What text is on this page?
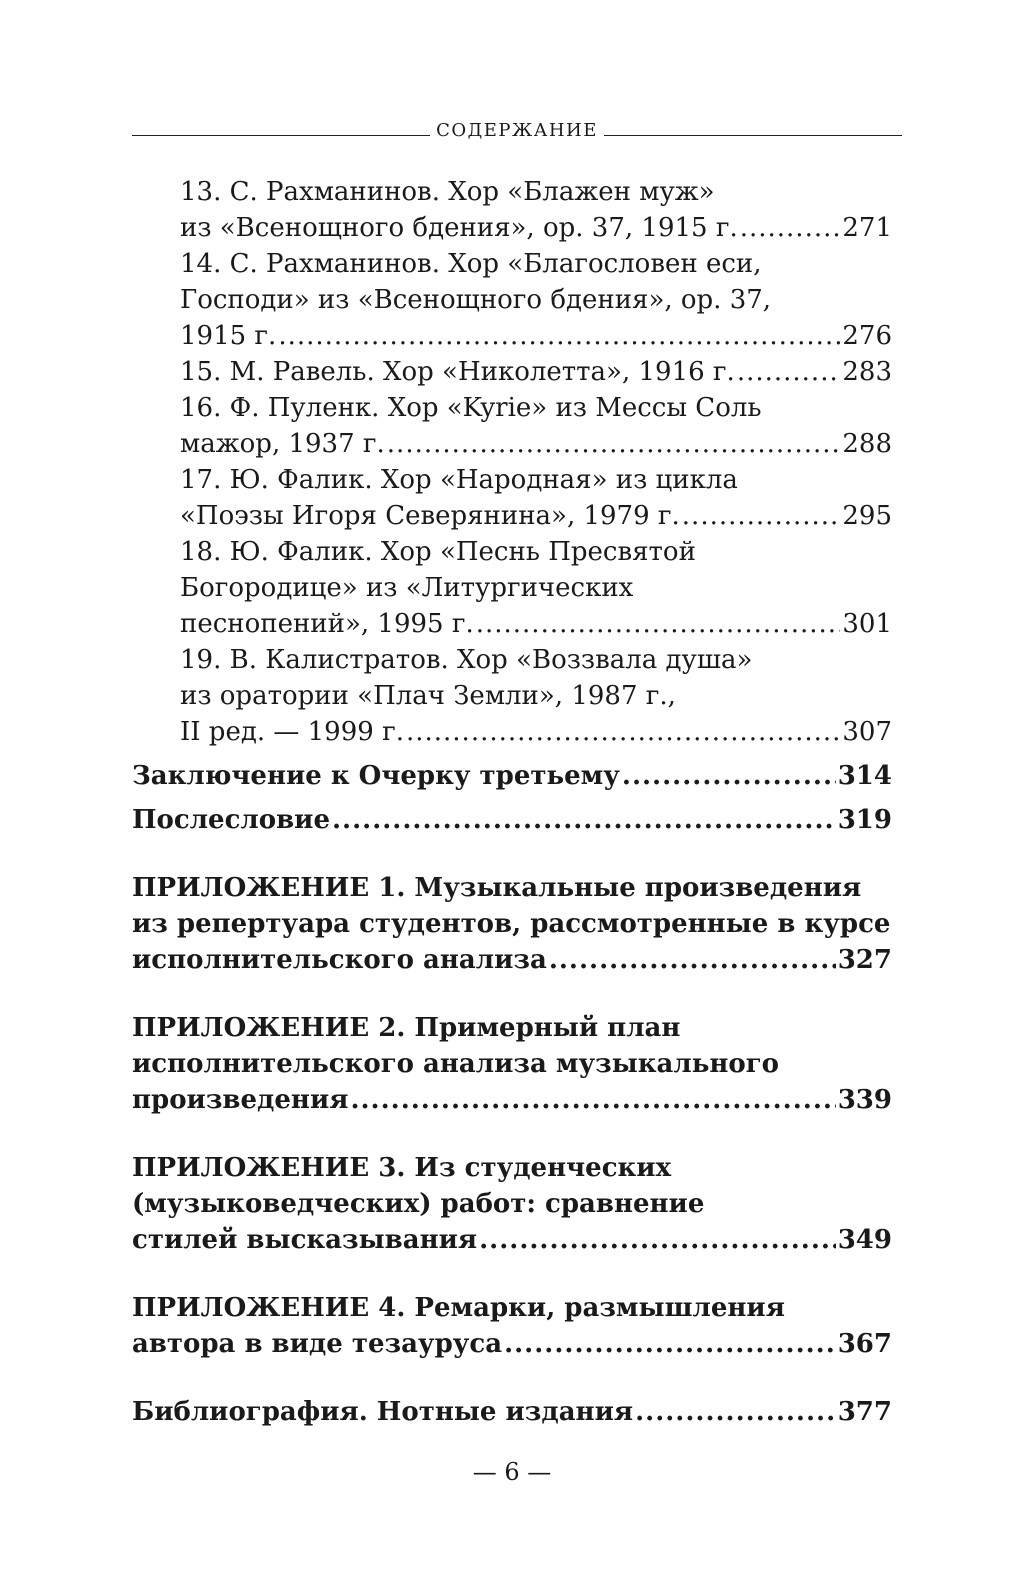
СОДЕРЖАНИЕ
13. С. Рахманинов. Хор «Блажен муж»
из «Всенощного бдения», ор. 37, 1915 г. .....	271
14. С. Рахманинов. Хор «Благословен еси,
Господи» из «Всенощного бдения», ор. 37,
1915 г. .....	276
15. М. Равель. Хор «Николетта», 1916 г. .....	283
16. Ф. Пуленк. Хор «Kyrie» из Мессы Соль
мажор, 1937 г. .....	288
17. Ю. Фалик. Хор «Народная» из цикла
«Поэзы Игоря Северянина», 1979 г. .....	295
18. Ю. Фалик. Хор «Песнь Пресвятой
Богородице» из «Литургических
песнопений», 1995 г. .....	301
19. В. Калистратов. Хор «Воззвала душа»
из оратории «Плач Земли», 1987 г.,
II ред. — 1999 г. .....	307
Заключение к Очерку третьему .....	314
Послесловие .....	319
ПРИЛОЖЕНИЕ 1. Музыкальные произведения
из репертуара студентов, рассмотренные в курсе
исполнительского анализа .....	327
ПРИЛОЖЕНИЕ 2. Примерный план
исполнительского анализа музыкального
произведения .....	339
ПРИЛОЖЕНИЕ 3. Из студенческих
(музыковедческих) работ: сравнение
стилей высказывания .....	349
ПРИЛОЖЕНИЕ 4. Ремарки, размышления
автора в виде тезауруса .....	367
Библиография. Нотные издания .....	377
— 6 —
